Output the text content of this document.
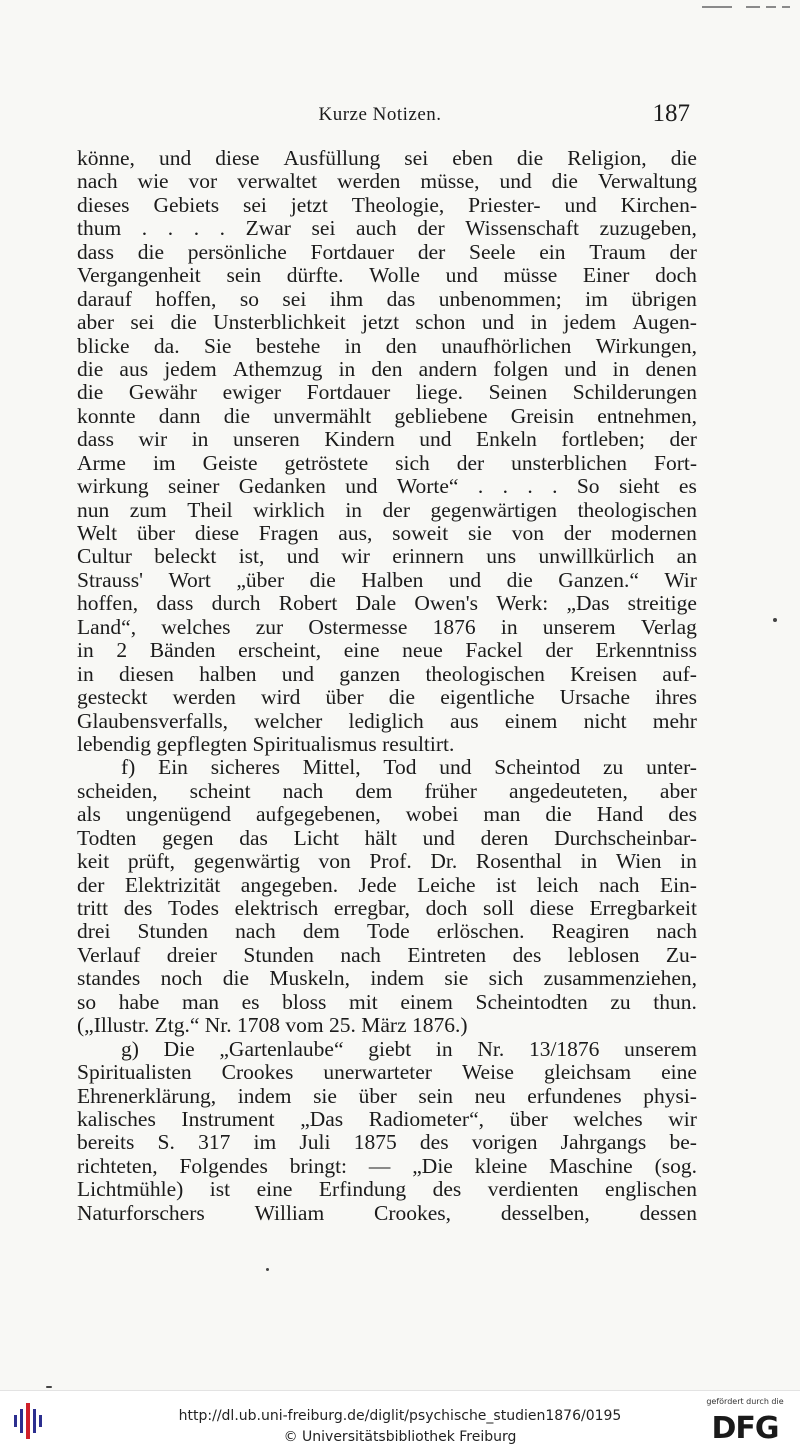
Kurze Notizen.	187
könne, und diese Ausfüllung sei eben die Religion, die
nach wie vor verwaltet werden müsse, und die Verwaltung
dieses Gebiets sei jetzt Theologie, Priester- und Kirchen-
thum . . . . Zwar sei auch der Wissenschaft zuzugeben,
dass die persönliche Fortdauer der Seele ein Traum der
Vergangenheit sein dürfte. Wolle und müsse Einer doch
darauf hoffen, so sei ihm das unbenommen; im übrigen
aber sei die Unsterblichkeit jetzt schon und in jedem Augen-
blicke da. Sie bestehe in den unaufhörlichen Wirkungen,
die aus jedem Athemzug in den andern folgen und in denen
die Gewähr ewiger Fortdauer liege. Seinen Schilderungen
konnte dann die unvermählt gebliebene Greisin entnehmen,
dass wir in unseren Kindern und Enkeln fortleben; der
Arme im Geiste getröstete sich der unsterblichen Fort-
wirkung seiner Gedanken und Worte“ . . . . So sieht es
nun zum Theil wirklich in der gegenwärtigen theologischen
Welt über diese Fragen aus, soweit sie von der modernen
Cultur beleckt ist, und wir erinnern uns unwillkürlich an
Strauss' Wort „über die Halben und die Ganzen.“ Wir
hoffen, dass durch Robert Dale Owen's Werk: „Das streitige
Land“, welches zur Ostermesse 1876 in unserem Verlag
in 2 Bänden erscheint, eine neue Fackel der Erkenntniss
in diesen halben und ganzen theologischen Kreisen auf-
gesteckt werden wird über die eigentliche Ursache ihres
Glaubensverfalls, welcher lediglich aus einem nicht mehr
lebendig gepflegten Spiritualismus resultirt.
f) Ein sicheres Mittel, Tod und Scheintod zu unter-
scheiden, scheint nach dem früher angedeuteten, aber
als ungenügend aufgegebenen, wobei man die Hand des
Todten gegen das Licht hält und deren Durchscheinbar-
keit prüft, gegenwärtig von Prof. Dr. Rosenthal in Wien in
der Elektrizität angegeben. Jede Leiche ist leich nach Ein-
tritt des Todes elektrisch erregbar, doch soll diese Erregbarkeit
drei Stunden nach dem Tode erlöschen. Reagiren nach
Verlauf dreier Stunden nach Eintreten des leblosen Zu-
standes noch die Muskeln, indem sie sich zusammenziehen,
so habe man es bloss mit einem Scheintodten zu thun.
(„Illustr. Ztg.“ Nr. 1708 vom 25. März 1876.)
g) Die „Gartenlaube“ giebt in Nr. 13/1876 unserem
Spiritualisten Crookes unerwarteter Weise gleichsam eine
Ehrenerklärung, indem sie über sein neu erfundenes physi-
kalisches Instrument „Das Radiometer“, über welches wir
bereits S. 317 im Juli 1875 des vorigen Jahrgangs be-
richteten, Folgendes bringt: — „Die kleine Maschine (sog.
Lichtmühle) ist eine Erfindung des verdienten englischen
Naturforschers William Crookes, desselben, dessen
http://dl.ub.uni-freiburg.de/diglit/psychische_studien1876/0195
© Universitätsbibliothek Freiburg
gefördert durch die
DFG
